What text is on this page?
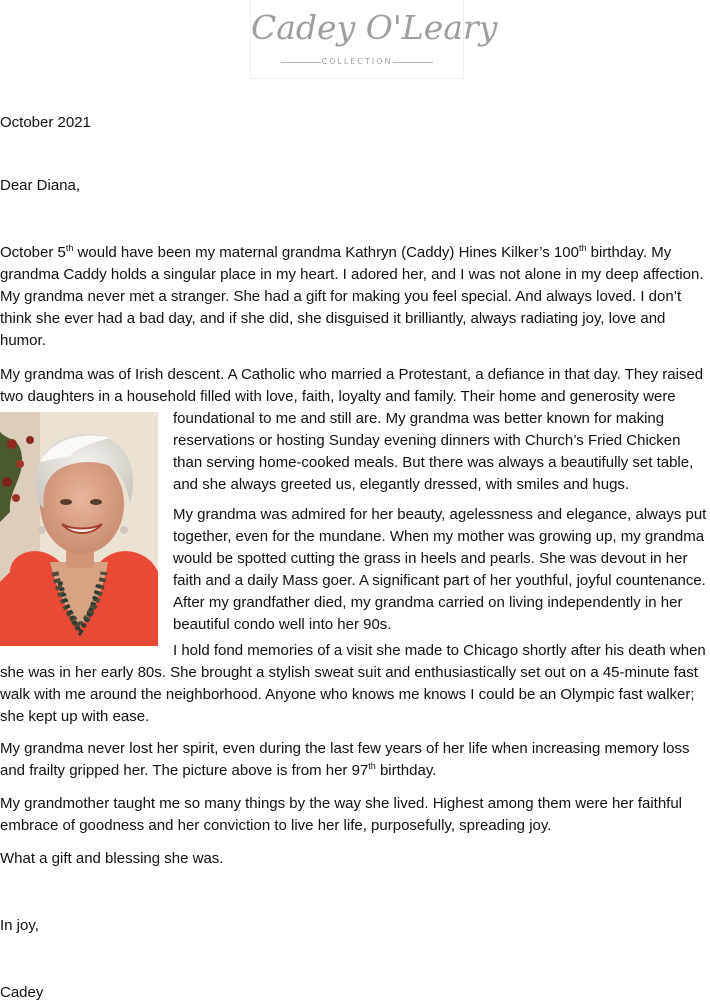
Cadey O'Leary
COLLECTION

October 2021

Dear Diana,

October 5th would have been my maternal grandma Kathryn (Caddy) Hines Kilker’s 100th birthday. My grandma Caddy holds a singular place in my heart. I adored her, and I was not alone in my deep affection. My grandma never met a stranger. She had a gift for making you feel special. And always loved. I don’t think she ever had a bad day, and if she did, she disguised it brilliantly, always radiating joy, love and humor.

My grandma was of Irish descent. A Catholic who married a Protestant, a defiance in that day. They raised two daughters in a household filled with love, faith, loyalty and family. Their home and generosity were

foundational to me and still are. My grandma was better known for making reservations or hosting Sunday evening dinners with Church’s Fried Chicken than serving home-cooked meals. But there was always a beautifully set table, and she always greeted us, elegantly dressed, with smiles and hugs.

My grandma was admired for her beauty, agelessness and elegance, always put together, even for the mundane. When my mother was growing up, my grandma would be spotted cutting the grass in heels and pearls. She was devout in her faith and a daily Mass goer. A significant part of her youthful, joyful countenance. After my grandfather died, my grandma carried on living independently in her beautiful condo well into her 90s.

I hold fond memories of a visit she made to Chicago shortly after his death when

she was in her early 80s. She brought a stylish sweat suit and enthusiastically set out on a 45-minute fast walk with me around the neighborhood. Anyone who knows me knows I could be an Olympic fast walker; she kept up with ease.

My grandma never lost her spirit, even during the last few years of her life when increasing memory loss and frailty gripped her. The picture above is from her 97th birthday.

My grandmother taught me so many things by the way she lived. Highest among them were her faithful embrace of goodness and her conviction to live her life, purposefully, spreading joy.

What a gift and blessing she was.

In joy,

Cadey
